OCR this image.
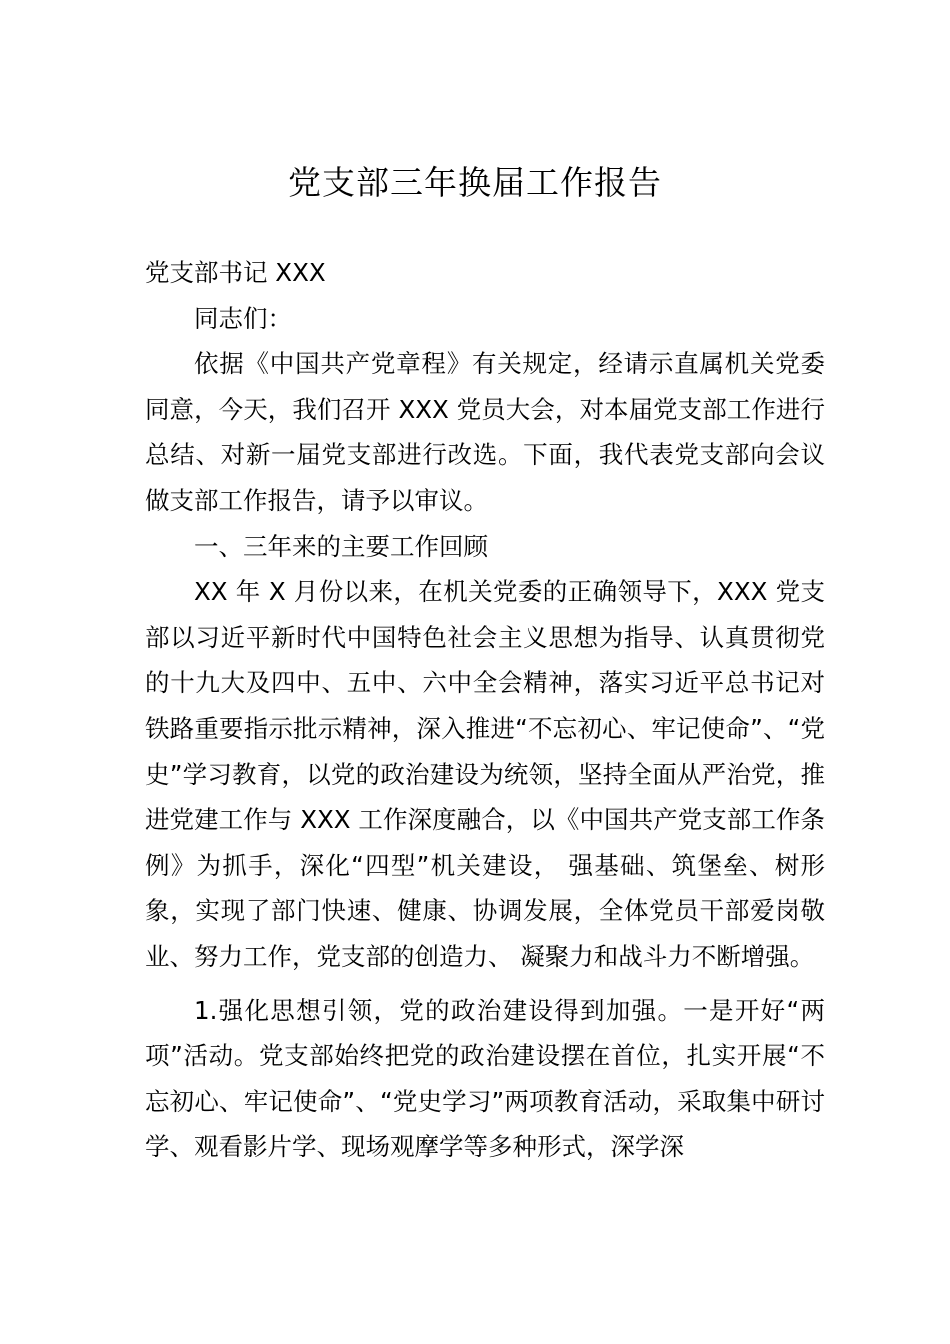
党支部三年换届工作报告

党支部书记 XXX

同志们：

依据《中国共产党章程》有关规定，经请示直属机关党委同意，今天，我们召开 XXX 党员大会，对本届党支部工作进行总结、对新一届党支部进行改选。下面，我代表党支部向会议做支部工作报告，请予以审议。

一、三年来的主要工作回顾

XX 年 X 月份以来，在机关党委的正确领导下，XXX 党支部以习近平新时代中国特色社会主义思想为指导、认真贯彻党的十九大及四中、五中、六中全会精神，落实习近平总书记对铁路重要指示批示精神，深入推进“不忘初心、牢记使命”、“党史”学习教育，以党的政治建设为统领，坚持全面从严治党，推进党建工作与 XXX 工作深度融合，以《中国共产党支部工作条例》为抓手，深化“四型”机关建设， 强基础、筑堡垒、树形象，实现了部门快速、健康、协调发展，全体党员干部爱岗敬业、努力工作，党支部的创造力、 凝聚力和战斗力不断增强。

1.强化思想引领，党的政治建设得到加强。一是开好“两项”活动。党支部始终把党的政治建设摆在首位，扎实开展“不忘初心、牢记使命”、“党史学习”两项教育活动，采取集中研讨学、观看影片学、现场观摩学等多种形式，深学深
